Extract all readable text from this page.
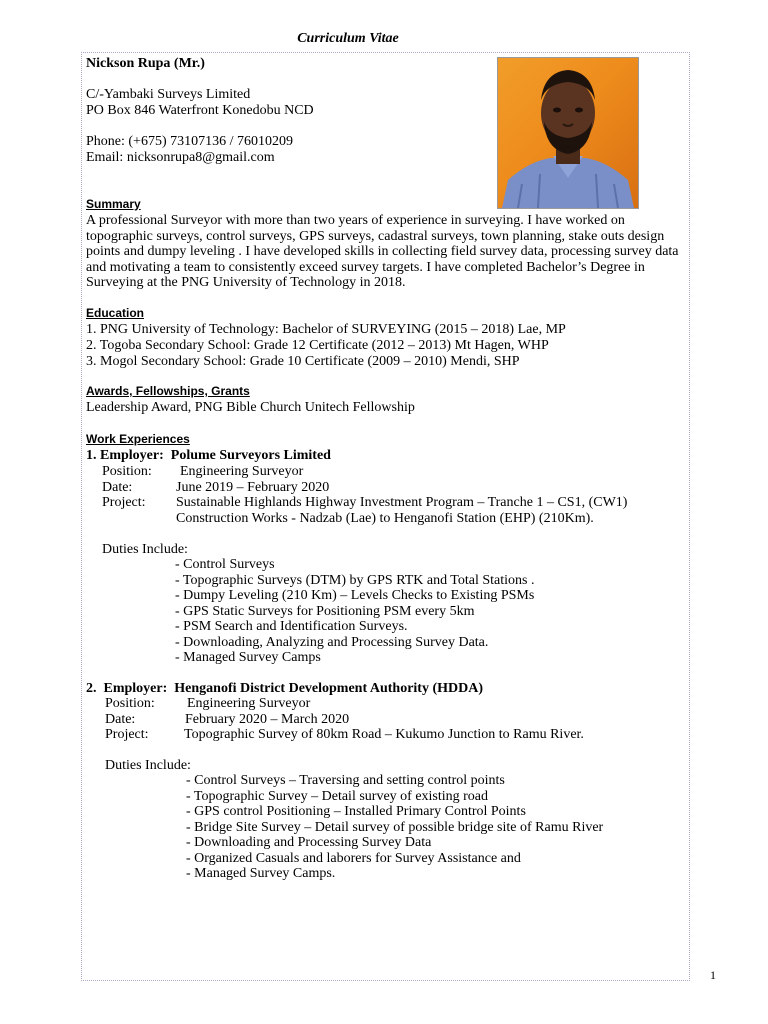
Curriculum Vitae
Nickson Rupa (Mr.)
C/-Yambaki Surveys Limited
PO Box 846 Waterfront Konedobu NCD
Phone: (+675) 73107136 / 76010209
Email: nicksonrupa8@gmail.com
Summary
A professional Surveyor with more than two years of experience in surveying. I have worked on topographic surveys, control surveys, GPS surveys, cadastral surveys, town planning, stake outs design points and dumpy leveling . I have developed skills in collecting field survey data, processing survey data and motivating a team to consistently exceed survey targets. I have completed Bachelor’s Degree in Surveying at the PNG University of Technology in 2018.
Education
1. PNG University of Technology: Bachelor of SURVEYING (2015 – 2018) Lae, MP
2. Togoba Secondary School: Grade 12 Certificate (2012 – 2013) Mt Hagen, WHP
3. Mogol Secondary School: Grade 10 Certificate (2009 – 2010) Mendi, SHP
Awards, Fellowships, Grants
Leadership Award, PNG Bible Church Unitech Fellowship
Work Experiences
1. Employer: Polume Surveyors Limited
Position: Engineering Surveyor
Date:	June 2019 – February 2020
Project: Sustainable Highlands Highway Investment Program – Tranche 1 – CS1, (CW1)
Construction Works - Nadzab (Lae) to Henganofi Station (EHP) (210Km).
Duties Include:
- Control Surveys
- Topographic Surveys (DTM) by GPS RTK and Total Stations .
- Dumpy Leveling (210 Km) – Levels Checks to Existing PSMs
- GPS Static Surveys for Positioning PSM every 5km
- PSM Search and Identification Surveys.
- Downloading, Analyzing and Processing Survey Data.
- Managed Survey Camps
2. Employer: Henganofi District Development Authority (HDDA)
Position: Engineering Surveyor
Date:	February 2020 – March 2020
Project:	Topographic Survey of 80km Road – Kukumo Junction to Ramu River.
Duties Include:
- Control Surveys – Traversing and setting control points
- Topographic Survey – Detail survey of existing road
- GPS control Positioning – Installed Primary Control Points
- Bridge Site Survey – Detail survey of possible bridge site of Ramu River
- Downloading and Processing Survey Data
- Organized Casuals and laborers for Survey Assistance and
- Managed Survey Camps.
1
